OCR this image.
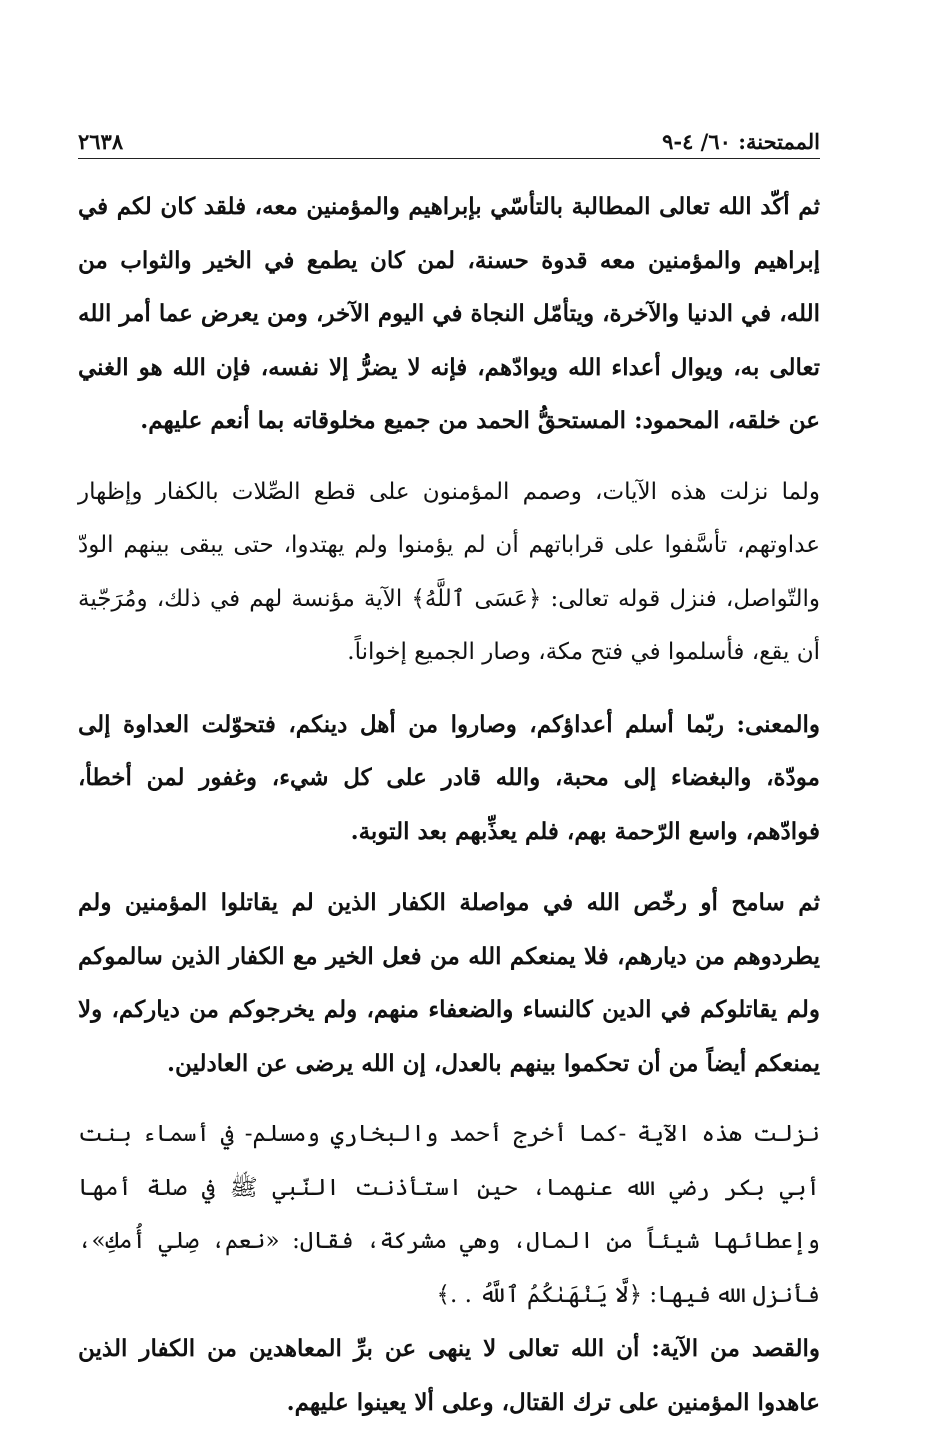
الممتحنة: ٦٠/ ٤-٩
٢٦٣٨

ثم أكّد الله تعالى المطالبة بالتأسّي بإبراهيم والمؤمنين معه، فلقد كان لكم في إبراهيم والمؤمنين معه قدوة حسنة، لمن كان يطمع في الخير والثواب من الله، في الدنيا والآخرة، ويتأمّل النجاة في اليوم الآخر، ومن يعرض عما أمر الله تعالى به، ويوال أعداء الله ويوادّهم، فإنه لا يضرُّ إلا نفسه، فإن الله هو الغني عن خلقه، المحمود: المستحقُّ الحمد من جميع مخلوقاته بما أنعم عليهم.

ولما نزلت هذه الآيات، وصمم المؤمنون على قطع الصِّلات بالكفار وإظهار عداوتهم، تأسَّفوا على قراباتهم أن لم يؤمنوا ولم يهتدوا، حتى يبقى بينهم الودّ والتّواصل، فنزل قوله تعالى: ﴿عَسَى ٱللَّهُ﴾ الآية مؤنسة لهم في ذلك، ومُرَجّية أن يقع، فأسلموا في فتح مكة، وصار الجميع إخواناً.

والمعنى: ربّما أسلم أعداؤكم، وصاروا من أهل دينكم، فتحوّلت العداوة إلى مودّة، والبغضاء إلى محبة، والله قادر على كل شيء، وغفور لمن أخطأ، فوادّهم، واسع الرّحمة بهم، فلم يعذِّبهم بعد التوبة.

ثم سامح أو رخّص الله في مواصلة الكفار الذين لم يقاتلوا المؤمنين ولم يطردوهم من ديارهم، فلا يمنعكم الله من فعل الخير مع الكفار الذين سالموكم ولم يقاتلوكم في الدين كالنساء والضعفاء منهم، ولم يخرجوكم من دياركم، ولا يمنعكم أيضاً من أن تحكموا بينهم بالعدل، إن الله يرضى عن العادلين.

نزلت هذه الآية -كما أخرج أحمد والبخاري ومسلم- في أسماء بنت أبي بكر رضي الله عنهما، حين استأذنت النّبي ﷺ في صلة أمها وإعطائها شيئاً من المال، وهي مشركة، فقال: «نعم، صِلي أُمكِ»، فأنزل الله فيها: ﴿لَّا يَنْهَىٰكُمُ ٱللَّهُ . .﴾

والقصد من الآية: أن الله تعالى لا ينهى عن برِّ المعاهدين من الكفار الذين عاهدوا المؤمنين على ترك القتال، وعلى ألا يعينوا عليهم.
